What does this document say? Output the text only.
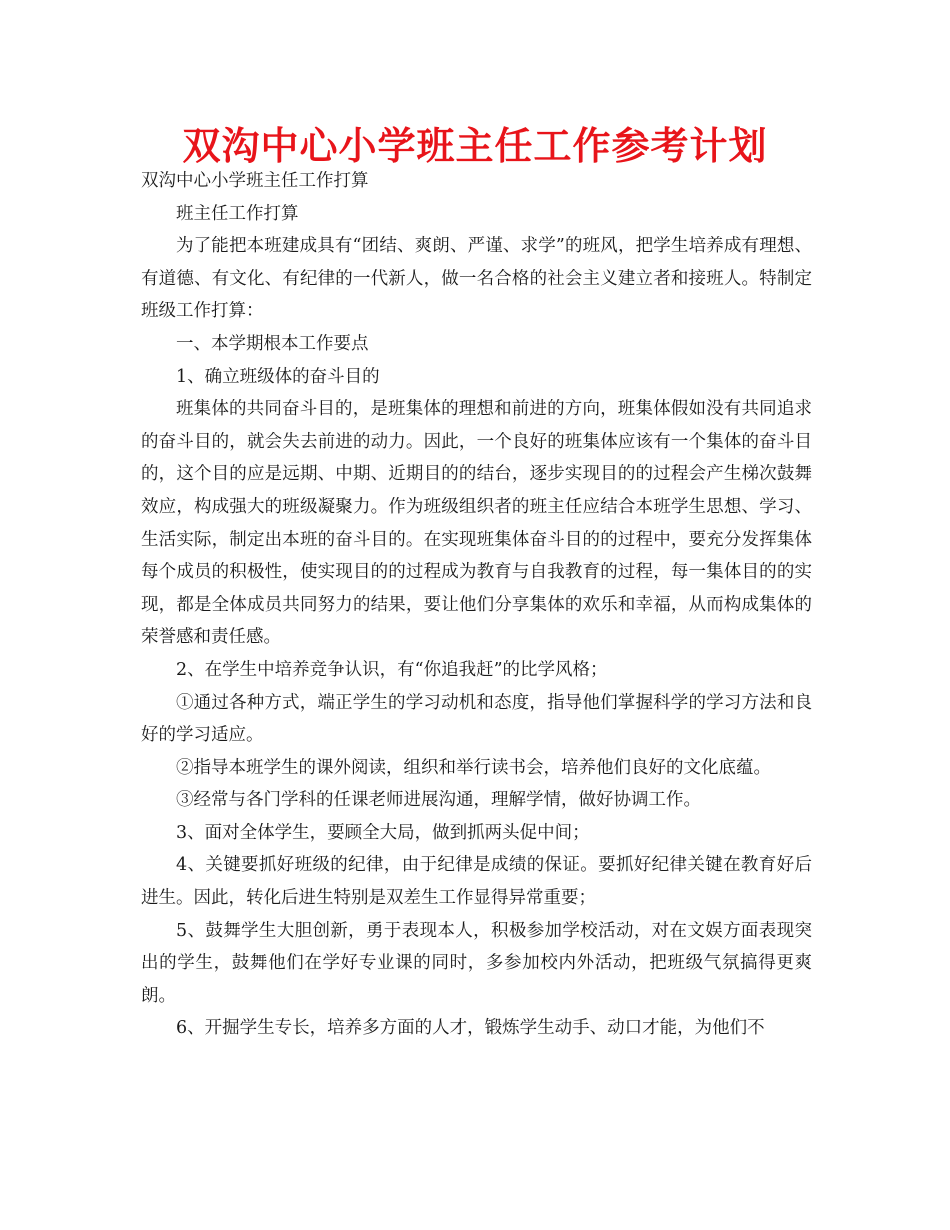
双沟中心小学班主任工作参考计划

双沟中心小学班主任工作打算

班主任工作打算

为了能把本班建成具有“团结、爽朗、严谨、求学”的班风，把学生培养成有理想、有道德、有文化、有纪律的一代新人，做一名合格的社会主义建立者和接班人。特制定班级工作打算：

一、本学期根本工作要点

1、确立班级体的奋斗目的

班集体的共同奋斗目的，是班集体的理想和前进的方向，班集体假如没有共同追求的奋斗目的，就会失去前进的动力。因此，一个良好的班集体应该有一个集体的奋斗目的，这个目的应是远期、中期、近期目的的结台，逐步实现目的的过程会产生梯次鼓舞效应，构成强大的班级凝聚力。作为班级组织者的班主任应结合本班学生思想、学习、生活实际，制定出本班的奋斗目的。在实现班集体奋斗目的的过程中，要充分发挥集体每个成员的积极性，使实现目的的过程成为教育与自我教育的过程，每一集体目的的实现，都是全体成员共同努力的结果，要让他们分享集体的欢乐和幸福，从而构成集体的荣誉感和责任感。

2、在学生中培养竞争认识，有“你追我赶”的比学风格；

①通过各种方式，端正学生的学习动机和态度，指导他们掌握科学的学习方法和良好的学习适应。

②指导本班学生的课外阅读，组织和举行读书会，培养他们良好的文化底蕴。

③经常与各门学科的任课老师进展沟通，理解学情，做好协调工作。

3、面对全体学生，要顾全大局，做到抓两头促中间；

4、关键要抓好班级的纪律，由于纪律是成绩的保证。要抓好纪律关键在教育好后进生。因此，转化后进生特别是双差生工作显得异常重要；

5、鼓舞学生大胆创新，勇于表现本人，积极参加学校活动，对在文娱方面表现突出的学生，鼓舞他们在学好专业课的同时，多参加校内外活动，把班级气氛搞得更爽朗。

6、开掘学生专长，培养多方面的人才，锻炼学生动手、动口才能，为他们不
